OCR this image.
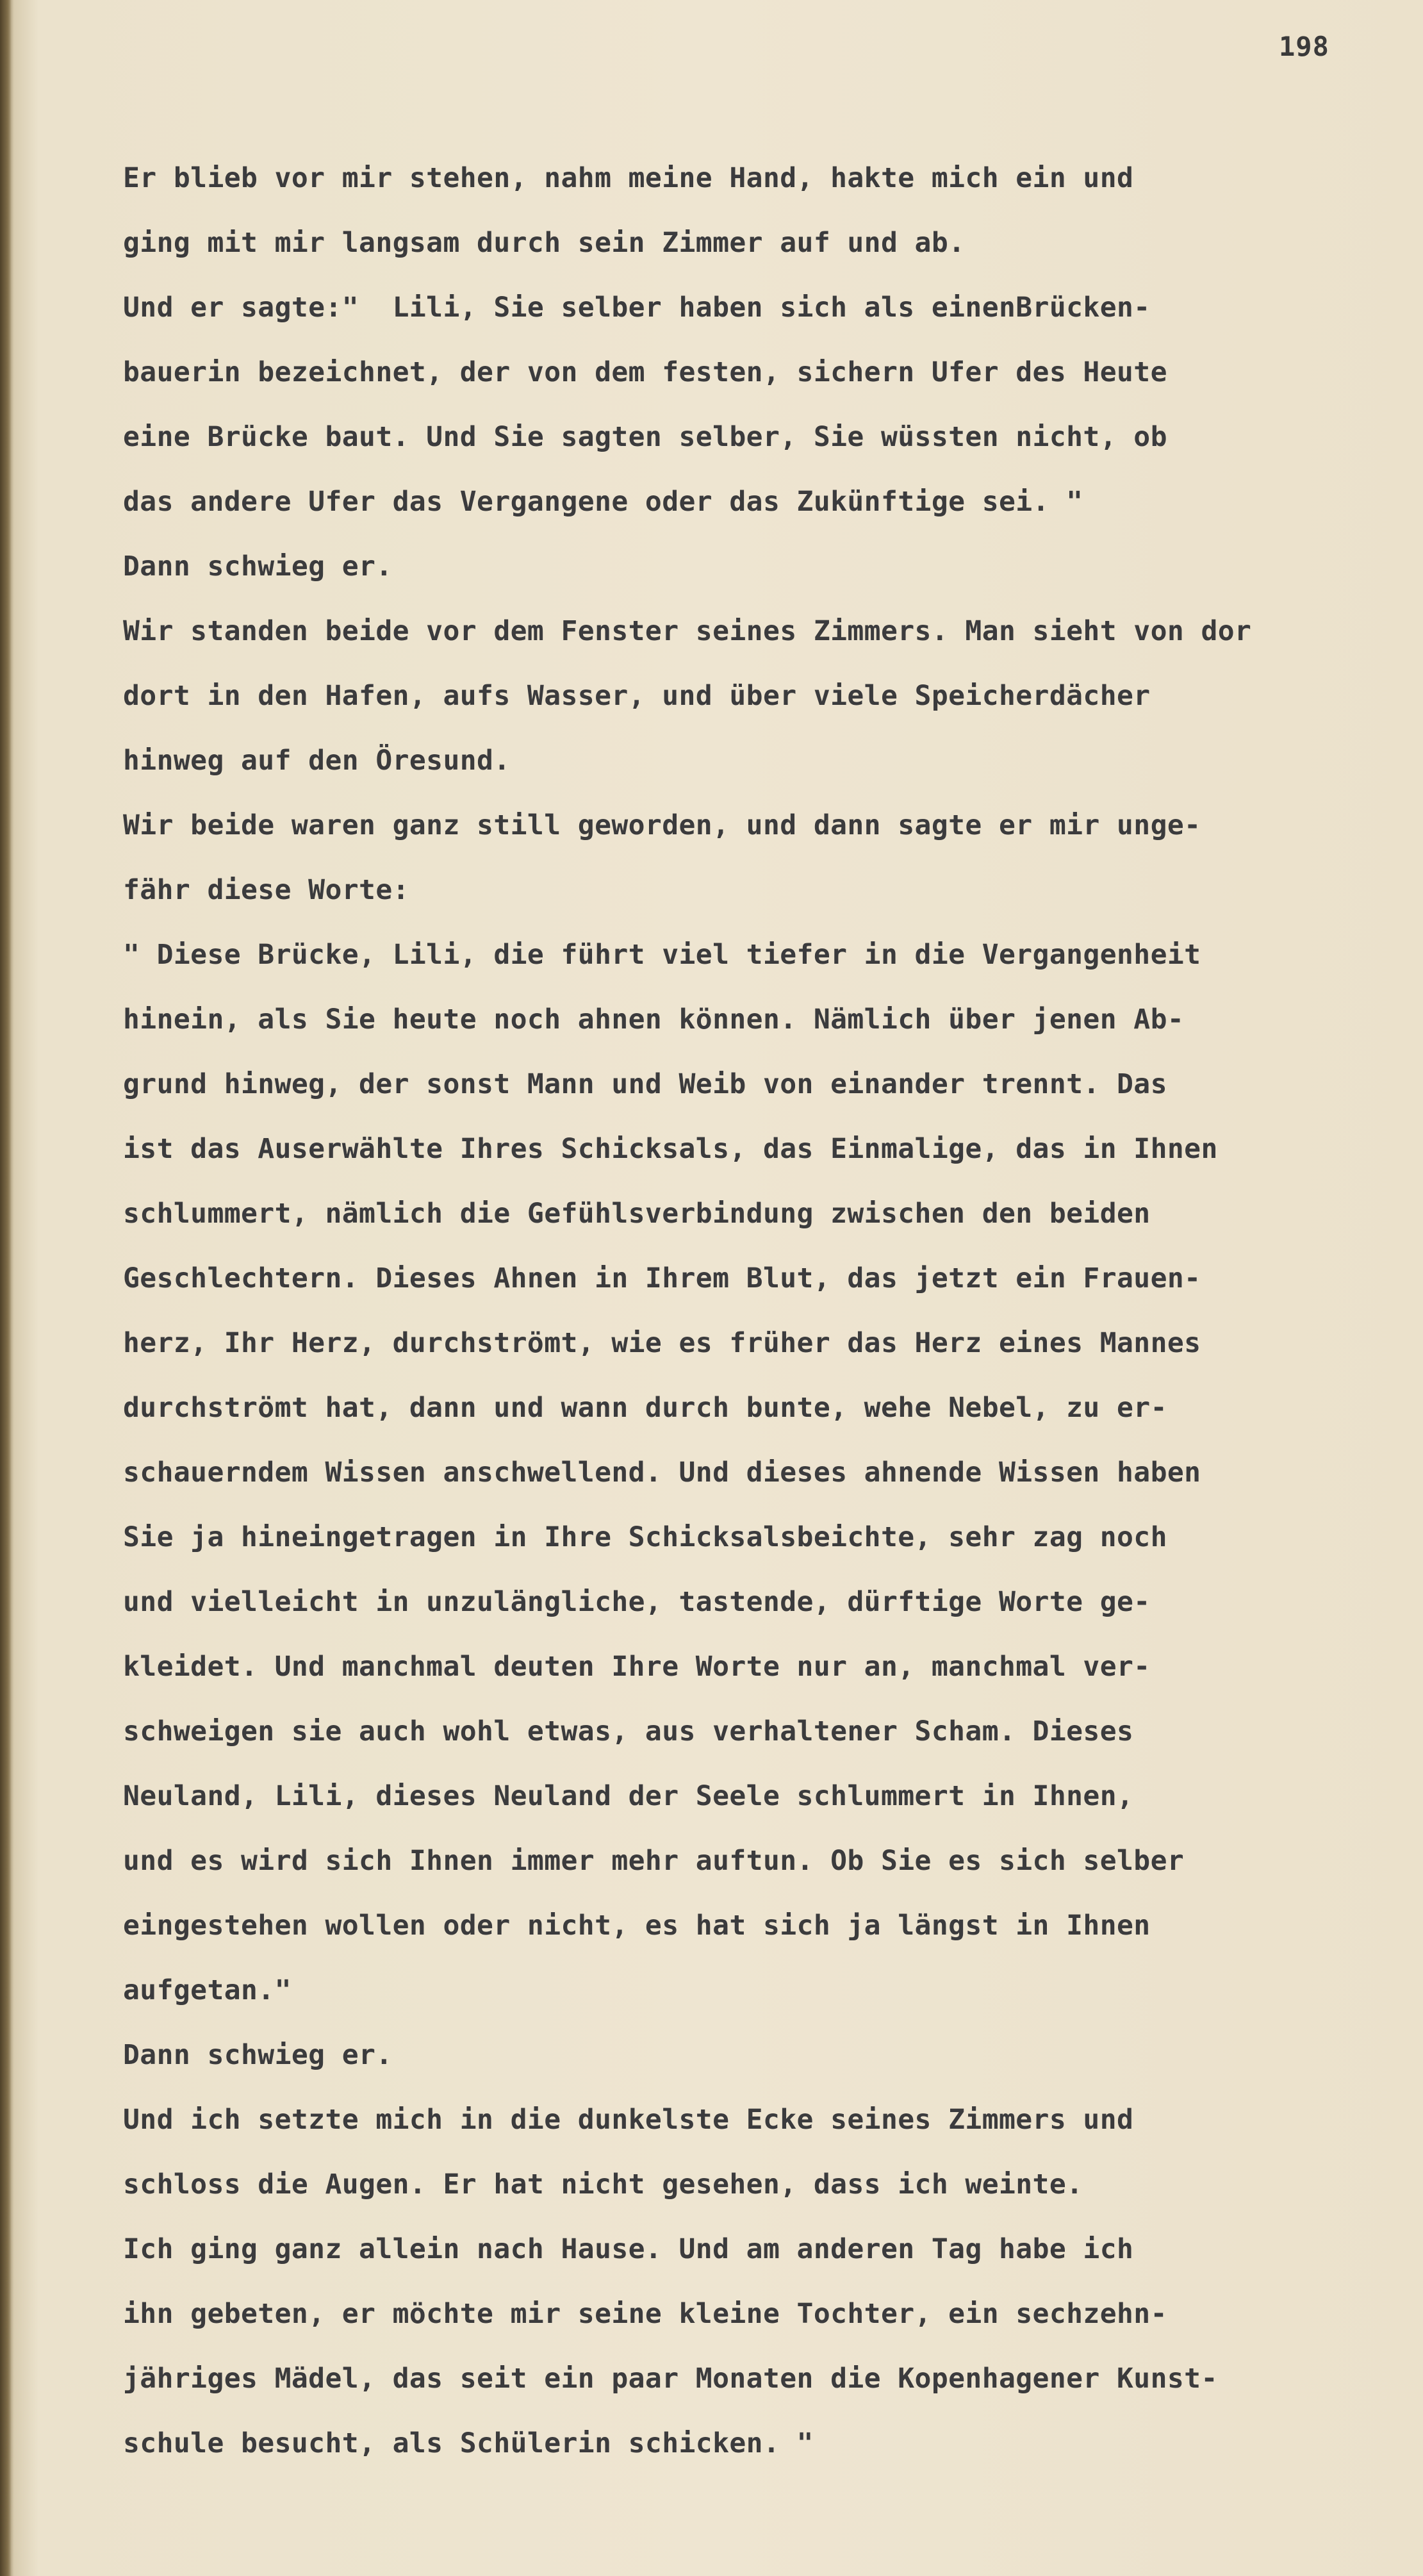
198
Er blieb vor mir stehen, nahm meine Hand, hakte mich ein und
ging mit mir langsam durch sein Zimmer auf und ab.
Und er sagte:"  Lili, Sie selber haben sich als einenBrücken-
bauerin bezeichnet, der von dem festen, sichern Ufer des Heute
eine Brücke baut. Und Sie sagten selber, Sie wüssten nicht, ob
das andere Ufer das Vergangene oder das Zukünftige sei. "
Dann schwieg er.
Wir standen beide vor dem Fenster seines Zimmers. Man sieht von dor
dort in den Hafen, aufs Wasser, und über viele Speicherdächer
hinweg auf den Öresund.
Wir beide waren ganz still geworden, und dann sagte er mir unge-
fähr diese Worte:
" Diese Brücke, Lili, die führt viel tiefer in die Vergangenheit
hinein, als Sie heute noch ahnen können. Nämlich über jenen Ab-
grund hinweg, der sonst Mann und Weib von einander trennt. Das
ist das Auserwählte Ihres Schicksals, das Einmalige, das in Ihnen
schlummert, nämlich die Gefühlsverbindung zwischen den beiden
Geschlechtern. Dieses Ahnen in Ihrem Blut, das jetzt ein Frauen-
herz, Ihr Herz, durchströmt, wie es früher das Herz eines Mannes
durchströmt hat, dann und wann durch bunte, wehe Nebel, zu er-
schauerndem Wissen anschwellend. Und dieses ahnende Wissen haben
Sie ja hineingetragen in Ihre Schicksalsbeichte, sehr zag noch
und vielleicht in unzulängliche, tastende, dürftige Worte ge-
kleidet. Und manchmal deuten Ihre Worte nur an, manchmal ver-
schweigen sie auch wohl etwas, aus verhaltener Scham. Dieses
Neuland, Lili, dieses Neuland der Seele schlummert in Ihnen,
und es wird sich Ihnen immer mehr auftun. Ob Sie es sich selber
eingestehen wollen oder nicht, es hat sich ja längst in Ihnen
aufgetan."
Dann schwieg er.
Und ich setzte mich in die dunkelste Ecke seines Zimmers und
schloss die Augen. Er hat nicht gesehen, dass ich weinte.
Ich ging ganz allein nach Hause. Und am anderen Tag habe ich
ihn gebeten, er möchte mir seine kleine Tochter, ein sechzehn-
jähriges Mädel, das seit ein paar Monaten die Kopenhagener Kunst-
schule besucht, als Schülerin schicken. "
